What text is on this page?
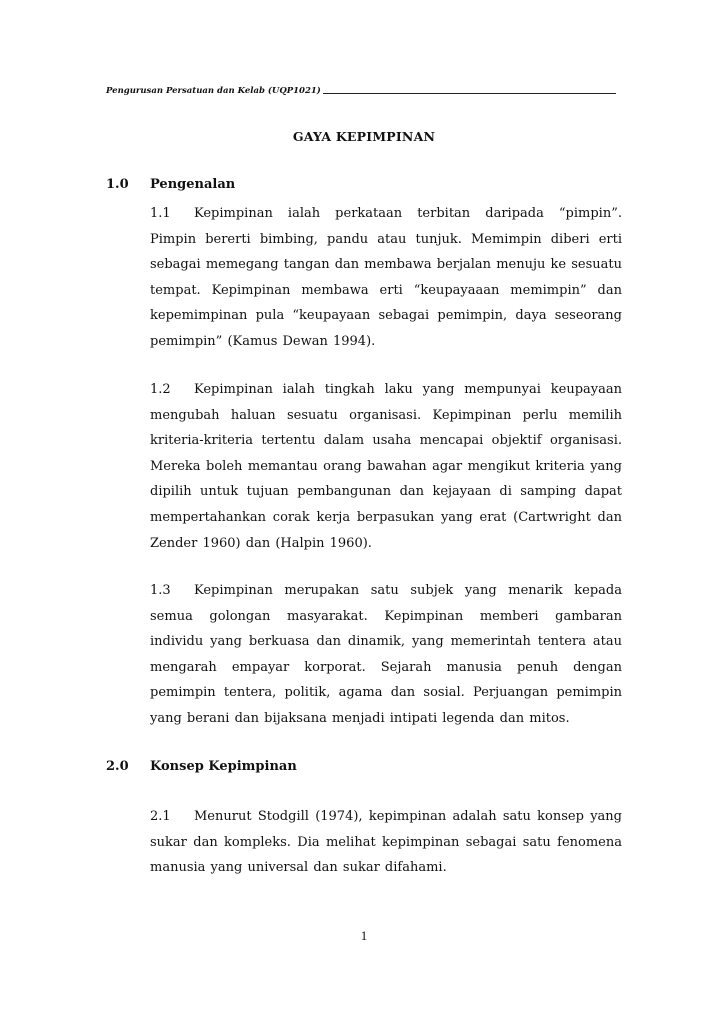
Pengurusan Persatuan dan Kelab (UQP1021)
GAYA KEPIMPINAN
1.0	Pengenalan
1.1 Kepimpinan ialah perkataan terbitan daripada “pimpin”. Pimpin bererti bimbing, pandu atau tunjuk. Memimpin diberi erti sebagai memegang tangan dan membawa berjalan menuju ke sesuatu tempat. Kepimpinan membawa erti “keupayaaan memimpin” dan kepemimpinan pula “keupayaan sebagai pemimpin, daya seseorang pemimpin” (Kamus Dewan 1994).
1.2 Kepimpinan ialah tingkah laku yang mempunyai keupayaan mengubah haluan sesuatu organisasi. Kepimpinan perlu memilih kriteria-kriteria tertentu dalam usaha mencapai objektif organisasi. Mereka boleh memantau orang bawahan agar mengikut kriteria yang dipilih untuk tujuan pembangunan dan kejayaan di samping dapat mempertahankan corak kerja berpasukan yang erat (Cartwright dan Zender 1960) dan (Halpin 1960).
1.3 Kepimpinan merupakan satu subjek yang menarik kepada semua golongan masyarakat. Kepimpinan memberi gambaran individu yang berkuasa dan dinamik, yang memerintah tentera atau mengarah empayar korporat. Sejarah manusia penuh dengan pemimpin tentera, politik, agama dan sosial. Perjuangan pemimpin yang berani dan bijaksana menjadi intipati legenda dan mitos.
2.0	Konsep Kepimpinan
2.1 Menurut Stodgill (1974), kepimpinan adalah satu konsep yang sukar dan kompleks. Dia melihat kepimpinan sebagai satu fenomena manusia yang universal dan sukar difahami.
1
